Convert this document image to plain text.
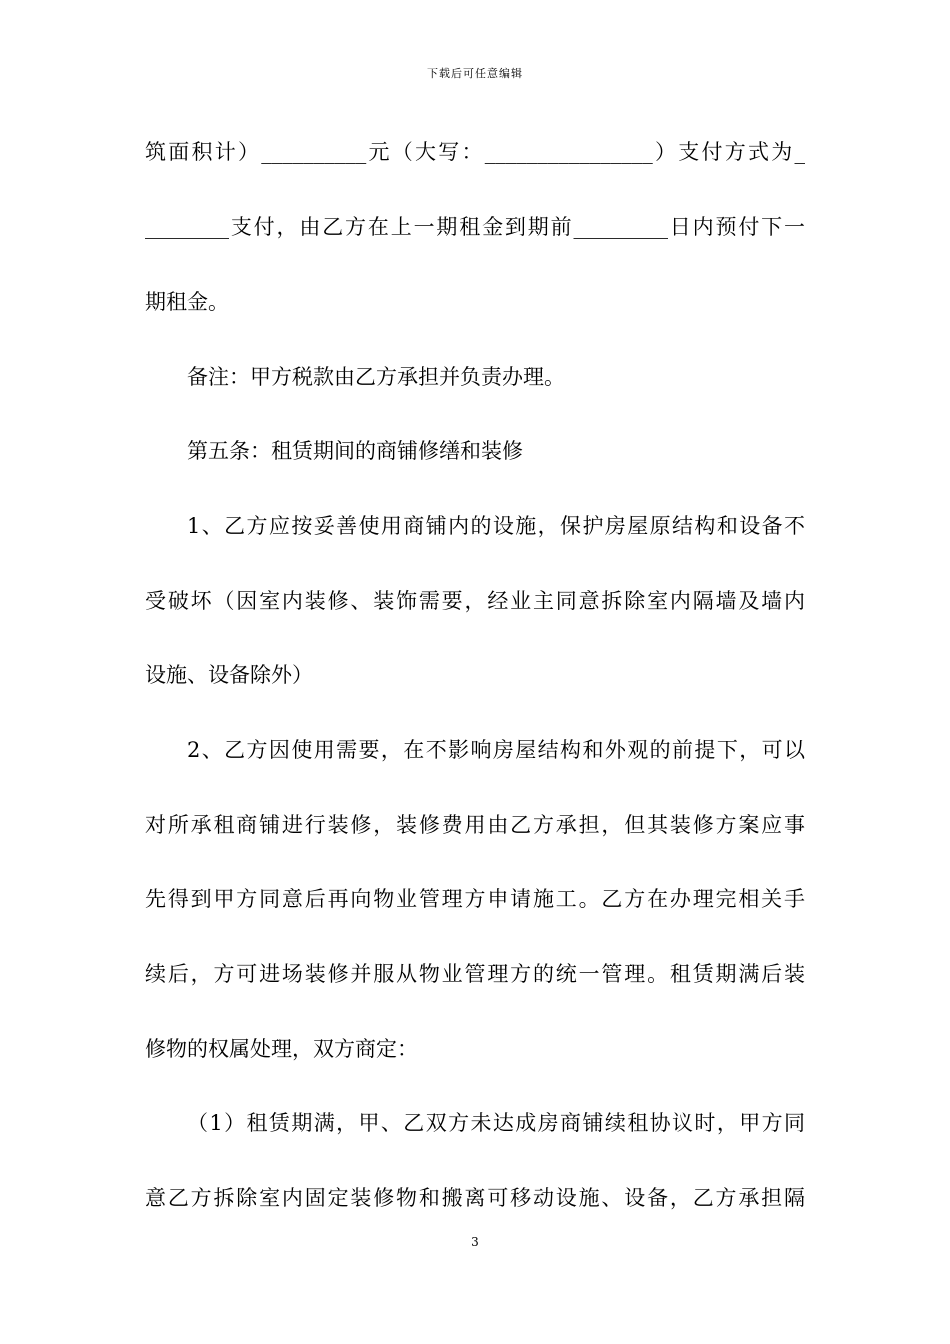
下载后可任意编辑
筑面积计）__________元（大写：________________）支付方式为_
________支付，由乙方在上一期租金到期前_________日内预付下一
期租金。
备注：甲方税款由乙方承担并负责办理。
第五条：租赁期间的商铺修缮和装修
1、乙方应按妥善使用商铺内的设施，保护房屋原结构和设备不
受破坏（因室内装修、装饰需要，经业主同意拆除室内隔墙及墙内
设施、设备除外）
2、乙方因使用需要，在不影响房屋结构和外观的前提下，可以
对所承租商铺进行装修，装修费用由乙方承担，但其装修方案应事
先得到甲方同意后再向物业管理方申请施工。乙方在办理完相关手
续后，方可进场装修并服从物业管理方的统一管理。租赁期满后装
修物的权属处理，双方商定：
（1）租赁期满，甲、乙双方未达成房商铺续租协议时，甲方同
意乙方拆除室内固定装修物和搬离可移动设施、设备，乙方承担隔
3
